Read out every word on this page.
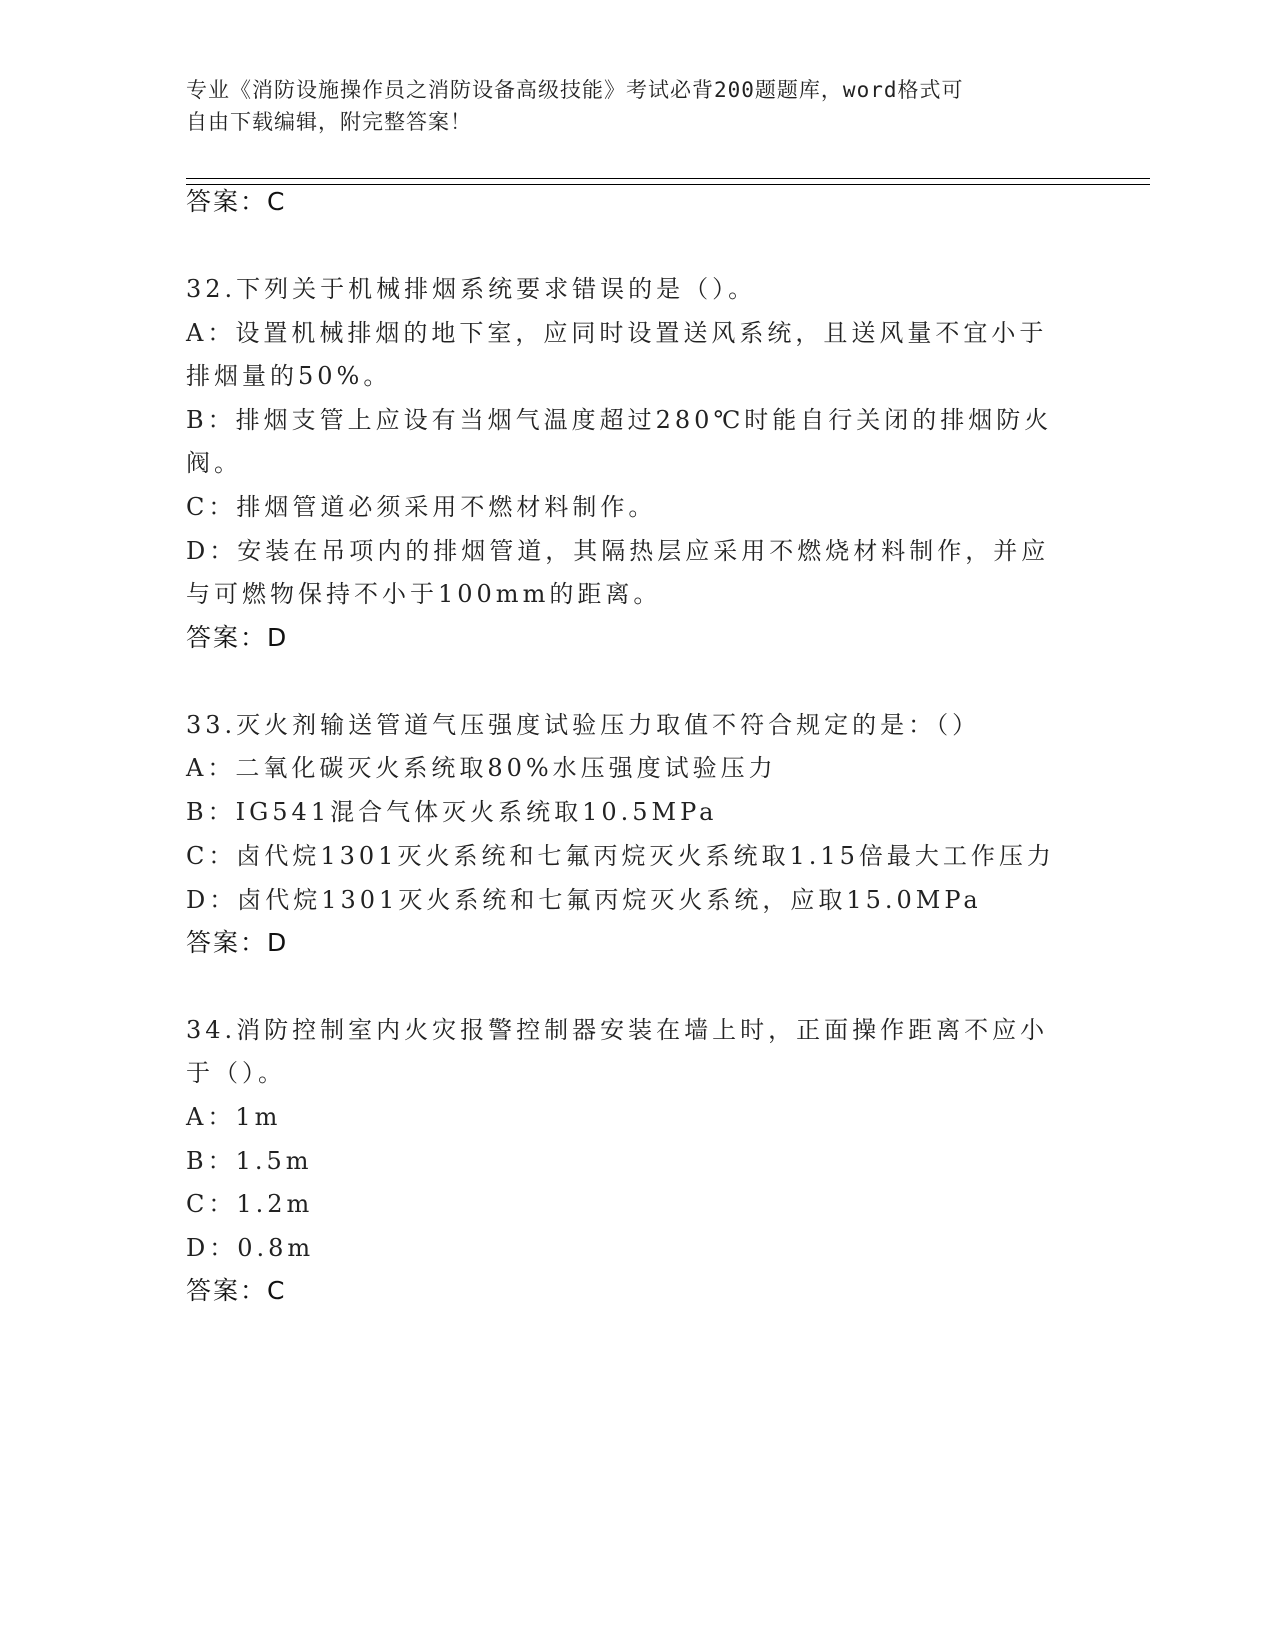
专业《消防设施操作员之消防设备高级技能》考试必背200题题库，word格式可
自由下载编辑，附完整答案！
答案：C
32.下列关于机械排烟系统要求错误的是（）。
A：设置机械排烟的地下室，应同时设置送风系统，且送风量不宜小于
排烟量的50%。
B：排烟支管上应设有当烟气温度超过280℃时能自行关闭的排烟防火
阀。
C：排烟管道必须采用不燃材料制作。
D：安装在吊项内的排烟管道，其隔热层应采用不燃烧材料制作，并应
与可燃物保持不小于100mm的距离。
答案：D
33.灭火剂输送管道气压强度试验压力取值不符合规定的是：（）
A：二氧化碳灭火系统取80%水压强度试验压力
B：IG541混合气体灭火系统取10.5MPa
C：卤代烷1301灭火系统和七氟丙烷灭火系统取1.15倍最大工作压力
D：卤代烷1301灭火系统和七氟丙烷灭火系统，应取15.0MPa
答案：D
34.消防控制室内火灾报警控制器安装在墙上时，正面操作距离不应小
于（）。
A：1m
B：1.5m
C：1.2m
D：0.8m
答案：C
